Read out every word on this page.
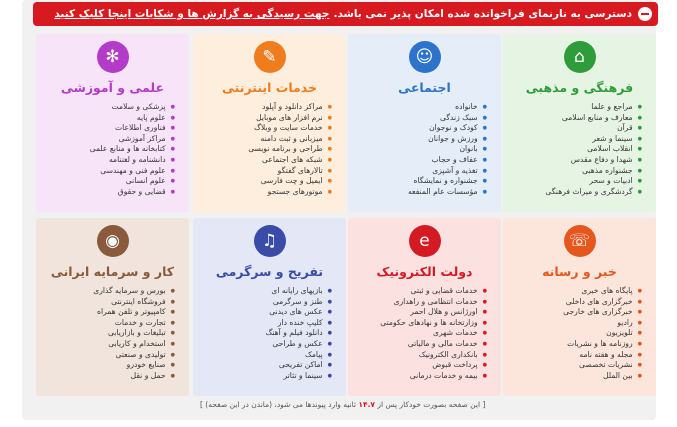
دسترسی به نارنمای فراخوانده شده امکان پذیر نمی باشد.
جهت رسیدگی به گزارش ها و شکایات اینجا کلیک کنید
⌂
فرهنگی و مذهبی
● مراجع و علما
● معارف و منابع اسلامی
● قرآن
● سینما و شعر
● انقلاب اسلامی
● شهدا و دفاع مقدس
● جشنواره مذهبی
● ادبیات و سحر
● گردشگری و میراث فرهنگی
☺
اجتماعی
● خانواده
● سبک زندگی
● کودک و نوجوان
● ورزش و جوانان
● بانوان
● عفاف و حجاب
● تغذیه و آشپزی
● جشنواره و نمایشگاه
● مؤسسات عام المنفعه
✎
خدمات اینترنتی
● مراکز دانلود و آپلود
● نرم افزار های موبایل
● خدمات سایت و وبلاگ
● میزبانی و ثبت دامنه
● طراحی و برنامه نویسی
● شبکه های اجتماعی
● تالارهای گفتگو
● ایمیل و چت فارسی
● موتورهای جستجو
✻
علمی و آموزشی
● پزشکی و سلامت
● علوم پایه
● فناوری اطلاعات
● مراکز آموزشی
● کتابخانه ها و منابع علمی
● دانشنامه و لغتنامه
● علوم فنی و مهندسی
● علوم انسانی
● قضایی و حقوق
☏
خبر و رسانه
● پایگاه های خبری
● خبرگزاری های داخلی
● خبرگزاری های خارجی
● رادیو
● تلویزیون
● روزنامه ها و نشریات
● مجله و هفته نامه
● نشریات تخصصی
● بین الملل
e
دولت الکترونیک
● خدمات قضایی و ثبتی
● خدمات انتظامی و راهداری
● اورژانس و هلال احمر
● وزارتخانه ها و نهادهای حکومتی
● خدمات شهری
● خدمات مالی و مالیاتی
● بانکداری الکترونیک
● پرداخت قبوض
● بیمه و خدمات درمانی
♫
تفریح و سرگرمی
● بازیهای رایانه ای
● طنز و سرگرمی
● عکس های دیدنی
● کلیپ خنده دار
● دانلود فیلم و آهنگ
● عکس و طراحی
● پیامک
● اماکن تفریحی
● سینما و تئاتر
◉
کار و سرمایه ایرانی
● بورس و سرمایه گذاری
● فروشگاه اینترنتی
● کامپیوتر و تلفن همراه
● تجارت و خدمات
● تبلیغات و بازاریابی
● استخدام و کاریابی
● تولیدی و صنعتی
● صنایع خودرو
● حمل و نقل
[ این صفحه بصورت خودکار پس از ۱۴.۷ ثانیه وارد پیوندها می شود، (ماندن در این صفحه) ]
